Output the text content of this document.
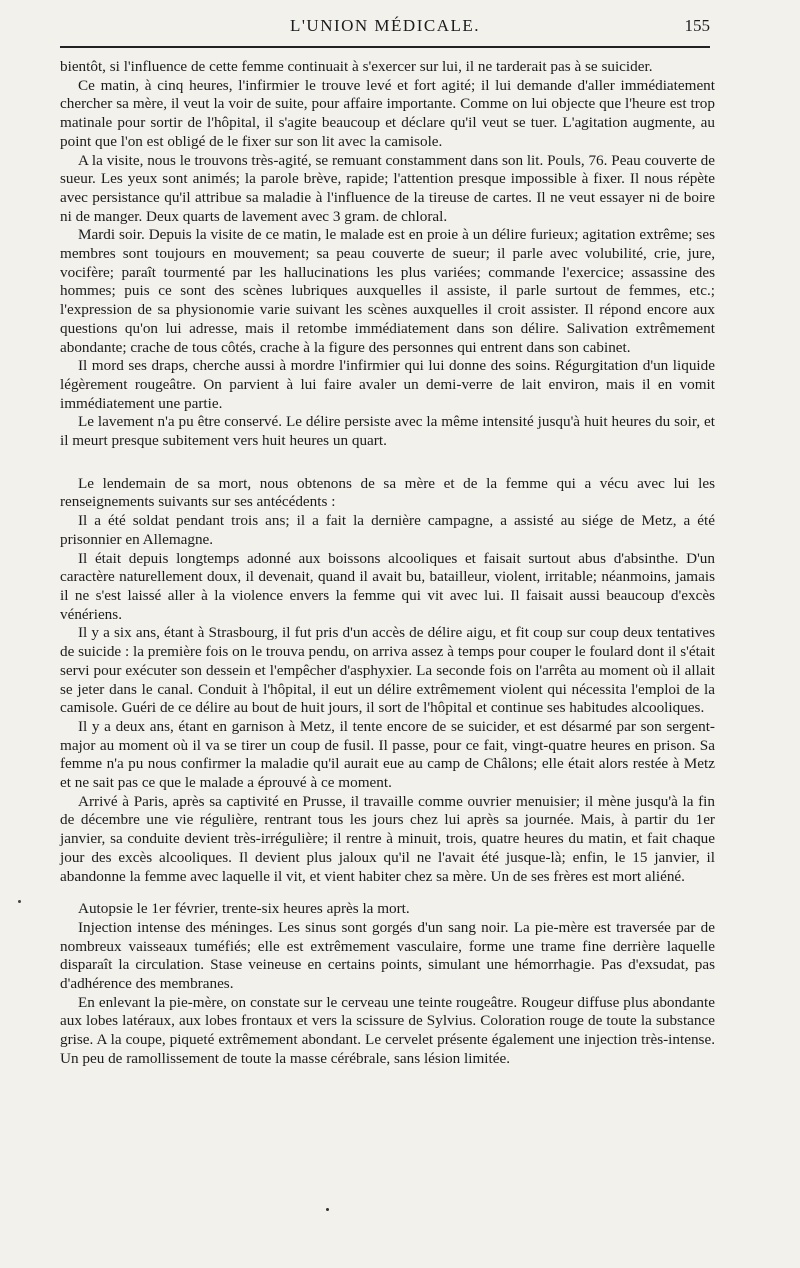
L'UNION MÉDICALE.	155

bientôt, si l'influence de cette femme continuait à s'exercer sur lui, il ne tarderait pas à se suicider.

Ce matin, à cinq heures, l'infirmier le trouve levé et fort agité; il lui demande d'aller immédiatement chercher sa mère, il veut la voir de suite, pour affaire importante. Comme on lui objecte que l'heure est trop matinale pour sortir de l'hôpital, il s'agite beaucoup et déclare qu'il veut se tuer. L'agitation augmente, au point que l'on est obligé de le fixer sur son lit avec la camisole.

A la visite, nous le trouvons très-agité, se remuant constamment dans son lit. Pouls, 76. Peau couverte de sueur. Les yeux sont animés; la parole brève, rapide; l'attention presque impossible à fixer. Il nous répète avec persistance qu'il attribue sa maladie à l'influence de la tireuse de cartes. Il ne veut essayer ni de boire ni de manger. Deux quarts de lavement avec 3 gram. de chloral.

Mardi soir. Depuis la visite de ce matin, le malade est en proie à un délire furieux; agitation extrême; ses membres sont toujours en mouvement; sa peau couverte de sueur; il parle avec volubilité, crie, jure, vocifère; paraît tourmenté par les hallucinations les plus variées; commande l'exercice; assassine des hommes; puis ce sont des scènes lubriques auxquelles il assiste, il parle surtout de femmes, etc.; l'expression de sa physionomie varie suivant les scènes auxquelles il croit assister. Il répond encore aux questions qu'on lui adresse, mais il retombe immédiatement dans son délire. Salivation extrêmement abondante; crache de tous côtés, crache à la figure des personnes qui entrent dans son cabinet.

Il mord ses draps, cherche aussi à mordre l'infirmier qui lui donne des soins. Régurgitation d'un liquide légèrement rougeâtre. On parvient à lui faire avaler un demi-verre de lait environ, mais il en vomit immédiatement une partie.

Le lavement n'a pu être conservé. Le délire persiste avec la même intensité jusqu'à huit heures du soir, et il meurt presque subitement vers huit heures un quart.

Le lendemain de sa mort, nous obtenons de sa mère et de la femme qui a vécu avec lui les renseignements suivants sur ses antécédents :

Il a été soldat pendant trois ans; il a fait la dernière campagne, a assisté au siége de Metz, a été prisonnier en Allemagne.

Il était depuis longtemps adonné aux boissons alcooliques et faisait surtout abus d'absinthe. D'un caractère naturellement doux, il devenait, quand il avait bu, batailleur, violent, irritable; néanmoins, jamais il ne s'est laissé aller à la violence envers la femme qui vit avec lui. Il faisait aussi beaucoup d'excès vénériens.

Il y a six ans, étant à Strasbourg, il fut pris d'un accès de délire aigu, et fit coup sur coup deux tentatives de suicide : la première fois on le trouva pendu, on arriva assez à temps pour couper le foulard dont il s'était servi pour exécuter son dessein et l'empêcher d'asphyxier. La seconde fois on l'arrêta au moment où il allait se jeter dans le canal. Conduit à l'hôpital, il eut un délire extrêmement violent qui nécessita l'emploi de la camisole. Guéri de ce délire au bout de huit jours, il sort de l'hôpital et continue ses habitudes alcooliques.

Il y a deux ans, étant en garnison à Metz, il tente encore de se suicider, et est désarmé par son sergent-major au moment où il va se tirer un coup de fusil. Il passe, pour ce fait, vingt-quatre heures en prison. Sa femme n'a pu nous confirmer la maladie qu'il aurait eue au camp de Châlons; elle était alors restée à Metz et ne sait pas ce que le malade a éprouvé à ce moment.

Arrivé à Paris, après sa captivité en Prusse, il travaille comme ouvrier menuisier; il mène jusqu'à la fin de décembre une vie régulière, rentrant tous les jours chez lui après sa journée. Mais, à partir du 1er janvier, sa conduite devient très-irrégulière; il rentre à minuit, trois, quatre heures du matin, et fait chaque jour des excès alcooliques. Il devient plus jaloux qu'il ne l'avait été jusque-là; enfin, le 15 janvier, il abandonne la femme avec laquelle il vit, et vient habiter chez sa mère. Un de ses frères est mort aliéné.

Autopsie le 1er février, trente-six heures après la mort.

Injection intense des méninges. Les sinus sont gorgés d'un sang noir. La pie-mère est traversée par de nombreux vaisseaux tuméfiés; elle est extrêmement vasculaire, forme une trame fine derrière laquelle disparaît la circulation. Stase veineuse en certains points, simulant une hémorrhagie. Pas d'exsudat, pas d'adhérence des membranes.

En enlevant la pie-mère, on constate sur le cerveau une teinte rougeâtre. Rougeur diffuse plus abondante aux lobes latéraux, aux lobes frontaux et vers la scissure de Sylvius. Coloration rouge de toute la substance grise. A la coupe, piqueté extrêmement abondant. Le cervelet présente également une injection très-intense. Un peu de ramollissement de toute la masse cérébrale, sans lésion limitée.
